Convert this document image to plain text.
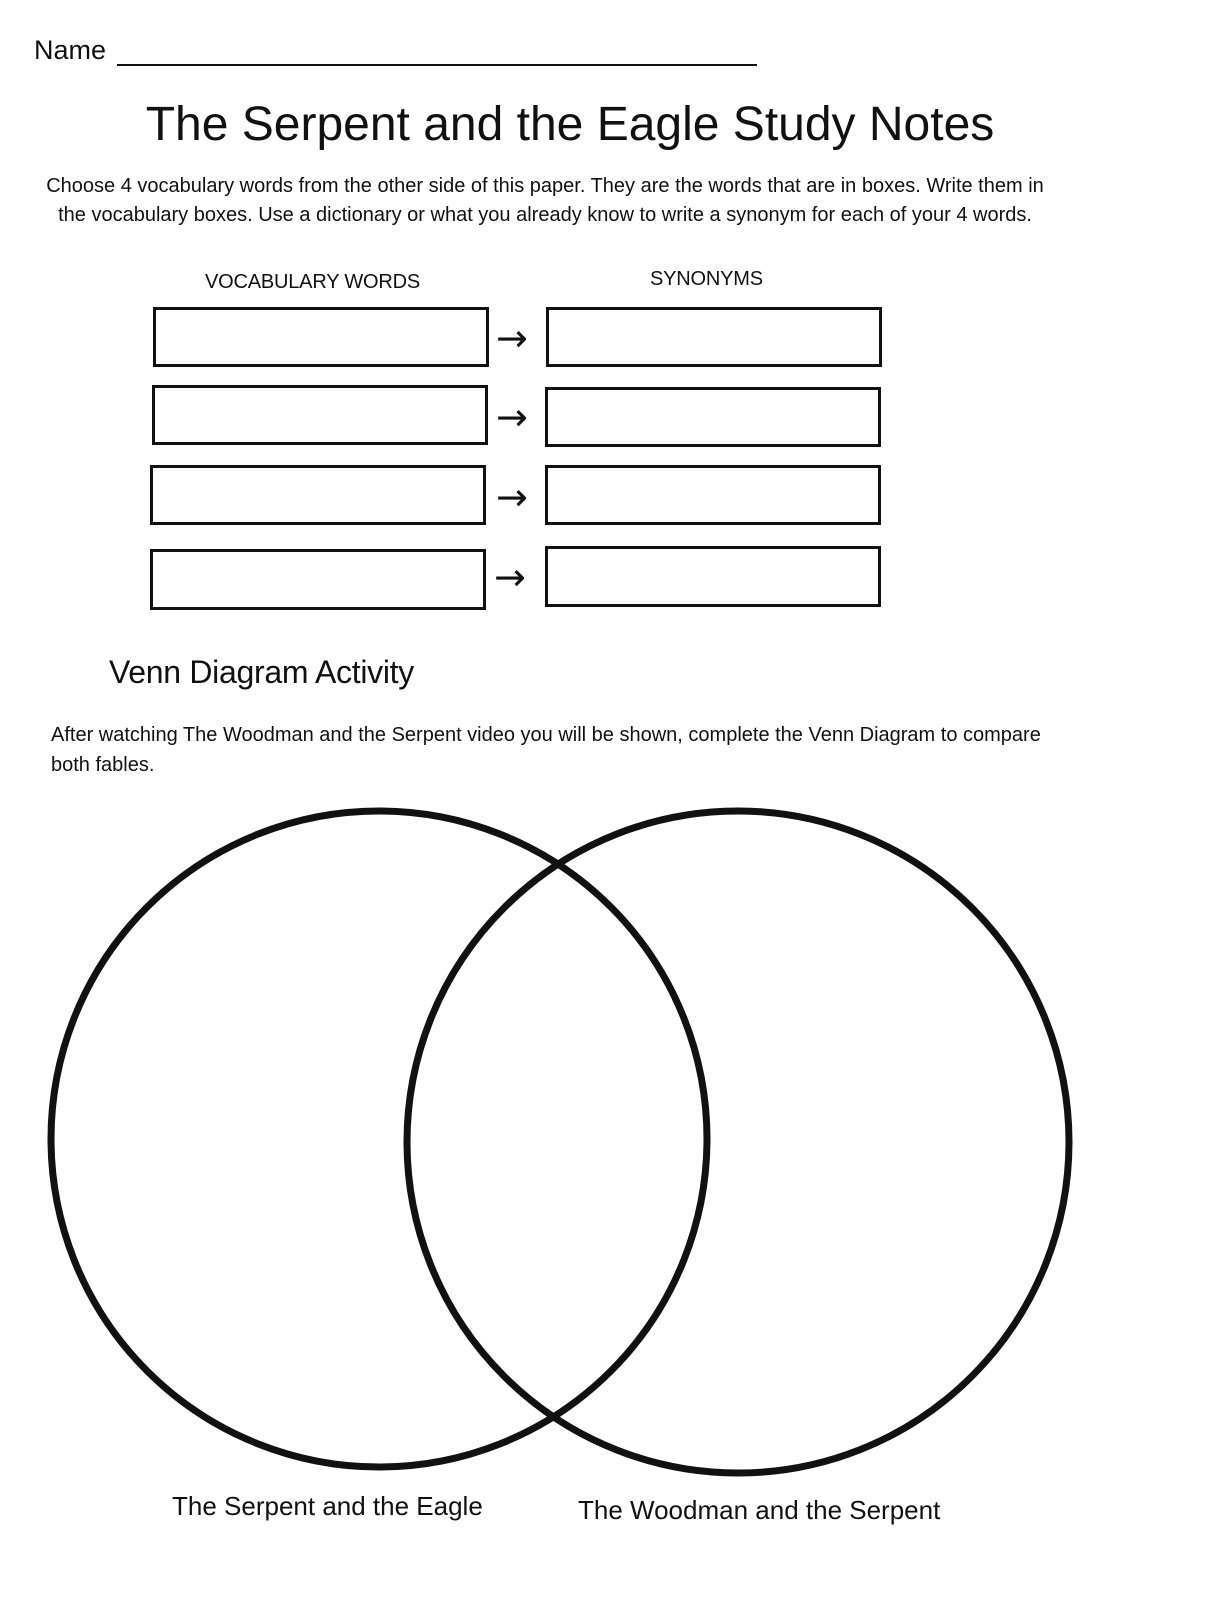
Name
The Serpent and the Eagle Study Notes
Choose 4 vocabulary words from the other side of this paper. They are the words that are in boxes. Write them in the vocabulary boxes. Use a dictionary or what you already know to write a synonym for each of your 4 words.
VOCABULARY WORDS	SYNONYMS
→
→
→
→
Venn Diagram Activity
After watching The Woodman and the Serpent video you will be shown, complete the Venn Diagram to compare both fables.
The Serpent and the Eagle	The Woodman and the Serpent
